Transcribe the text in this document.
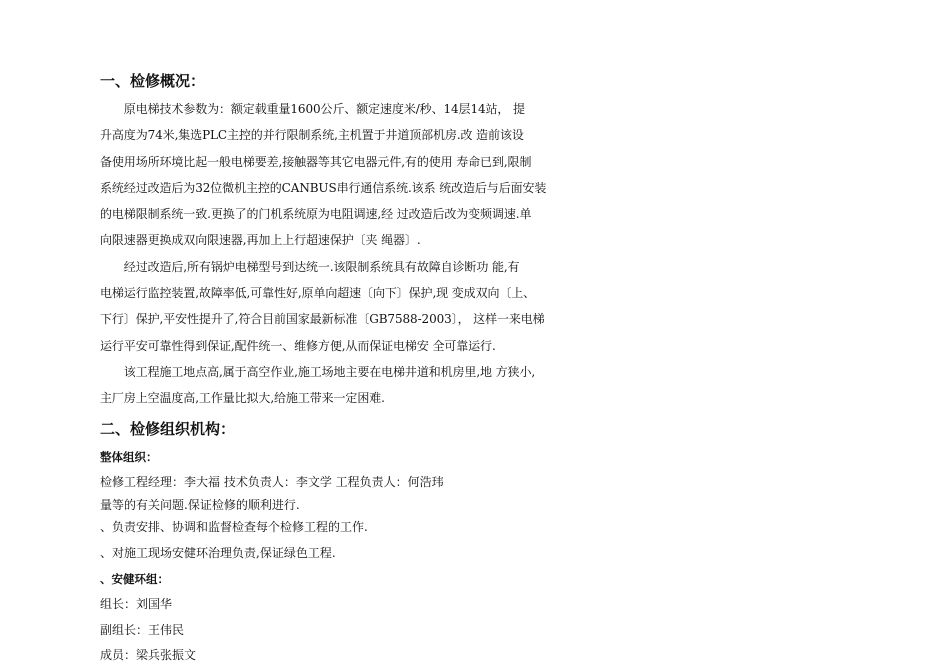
一、检修概况：

　　原电梯技术参数为：额定载重量1600公斤、额定速度米/秒、14层14站， 提

升高度为74米,集选PLC主控的并行限制系统,主机置于井道顶部机房.改 造前该设

备使用场所环境比起一般电梯要差,接触器等其它电器元件,有的使用 寿命已到,限制

系统经过改造后为32位微机主控的CANBUS串行通信系统.该系 统改造后与后面安装

的电梯限制系统一致.更换了的门机系统原为电阻调速,经 过改造后改为变频调速.单

向限速器更换成双向限速器,再加上上行超速保护〔夹 绳器〕.

　　经过改造后,所有锅炉电梯型号到达统一.该限制系统具有故障自诊断功 能,有

电梯运行监控装置,故障率低,可靠性好,原单向超速〔向下〕保护,现 变成双向〔上、

下行〕保护,平安性提升了,符合目前国家最新标准〔GB7588-2003〕， 这样一来电梯

运行平安可靠性得到保证,配件统一、维修方便,从而保证电梯安 全可靠运行.

　　该工程施工地点高,属于高空作业,施工场地主要在电梯井道和机房里,地 方狭小,

主厂房上空温度高,工作量比拟大,给施工带来一定困难.

二、检修组织机构：

整体组织：

检修工程经理：李大福 技术负责人：李文学 工程负责人：何浩玮

量等的有关问题.保证检修的顺利进行.

、负责安排、协调和监督检查每个检修工程的工作.

、对施工现场安健环治理负责,保证绿色工程.

、安健环组：

组长：刘国华

副组长：王伟民

成员：梁兵张振文
